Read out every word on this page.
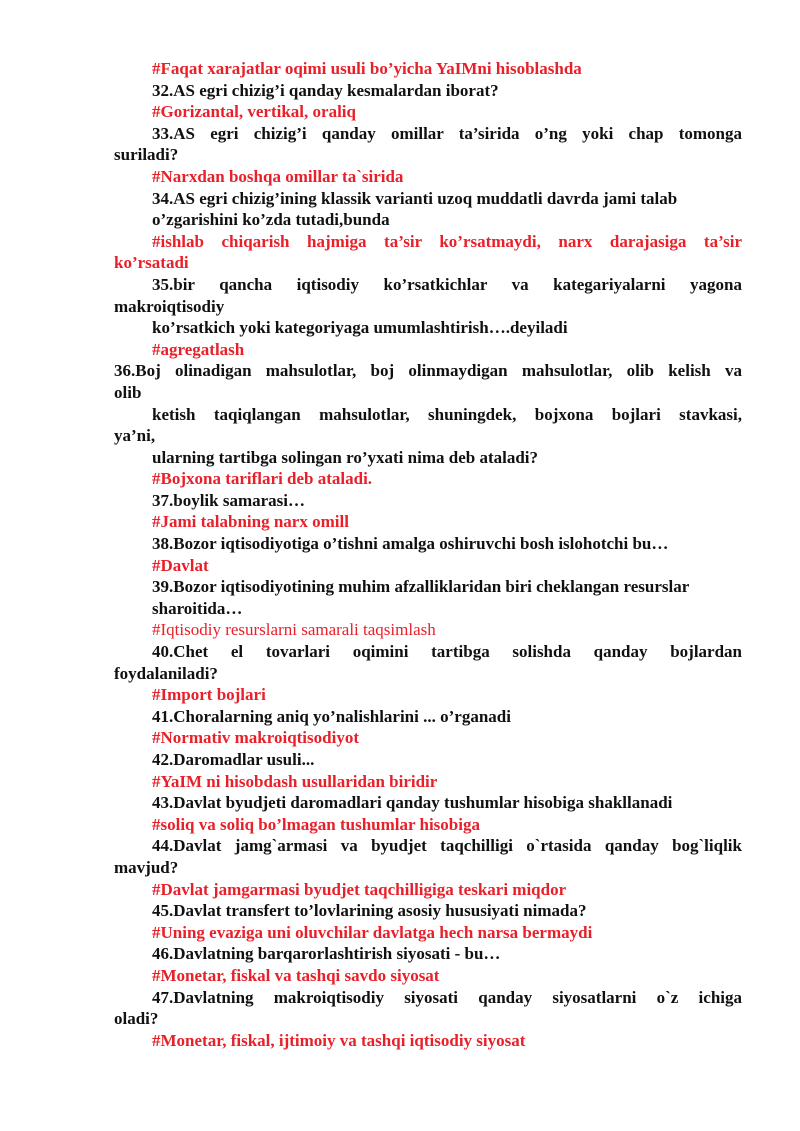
#Faqat xarajatlar oqimi usuli bo’yicha YaIMni hisoblashda
32.AS egri chizig’i qanday kesmalardan iborat?
#Gorizantal, vertikal, oraliq
33.AS egri chizig’i qanday omillar ta’sirida o’ng yoki chap tomonga
suriladi?
#Narxdan boshqa omillar ta`sirida
34.AS egri chizig’ining klassik varianti uzoq muddatli davrda jami talab
o’zgarishini ko’zda tutadi,bunda
#ishlab chiqarish hajmiga ta’sir ko’rsatmaydi, narx darajasiga ta’sir
ko’rsatadi
35.bir qancha iqtisodiy ko’rsatkichlar va kategariyalarni yagona
makroiqtisodiy
ko’rsatkich yoki kategoriyaga umumlashtirish….deyiladi
#agregatlash
36.Boj olinadigan mahsulotlar, boj olinmaydigan mahsulotlar, olib kelish va
olib
ketish taqiqlangan mahsulotlar, shuningdek, bojxona bojlari stavkasi,
ya’ni,
ularning tartibga solingan ro’yxati nima deb ataladi?
#Bojxona tariflari deb ataladi.
37.boylik samarasi…
#Jami talabning narx omill
38.Bozor iqtisodiyotiga o’tishni amalga oshiruvchi bosh islohotchi bu…
#Davlat
39.Bozor iqtisodiyotining muhim afzalliklaridan biri cheklangan resurslar
sharoitida…
#Iqtisodiy resurslarni samarali taqsimlash
40.Chet el tovarlari oqimini tartibga solishda qanday bojlardan
foydalaniladi?
#Import bojlari
41.Choralarning aniq yo’nalishlarini ... o’rganadi
#Normativ makroiqtisodiyot
42.Daromadlar usuli...
#YaIM ni hisobdash usullaridan biridir
43.Davlat byudjeti daromadlari qanday tushumlar hisobiga shakllanadi
#soliq va soliq bo’lmagan tushumlar hisobiga
44.Davlat jamg`armasi va byudjet taqchilligi o`rtasida qanday bog`liqlik
mavjud?
#Davlat jamgarmasi byudjet taqchilligiga teskari miqdor
45.Davlat transfert to’lovlarining asosiy hususiyati nimada?
#Uning evaziga uni oluvchilar davlatga hech narsa bermaydi
46.Davlatning barqarorlashtirish siyosati - bu…
#Monetar, fiskal va tashqi savdo siyosat
47.Davlatning makroiqtisodiy siyosati qanday siyosatlarni o`z ichiga
oladi?
#Monetar, fiskal, ijtimoiy va tashqi iqtisodiy siyosat
